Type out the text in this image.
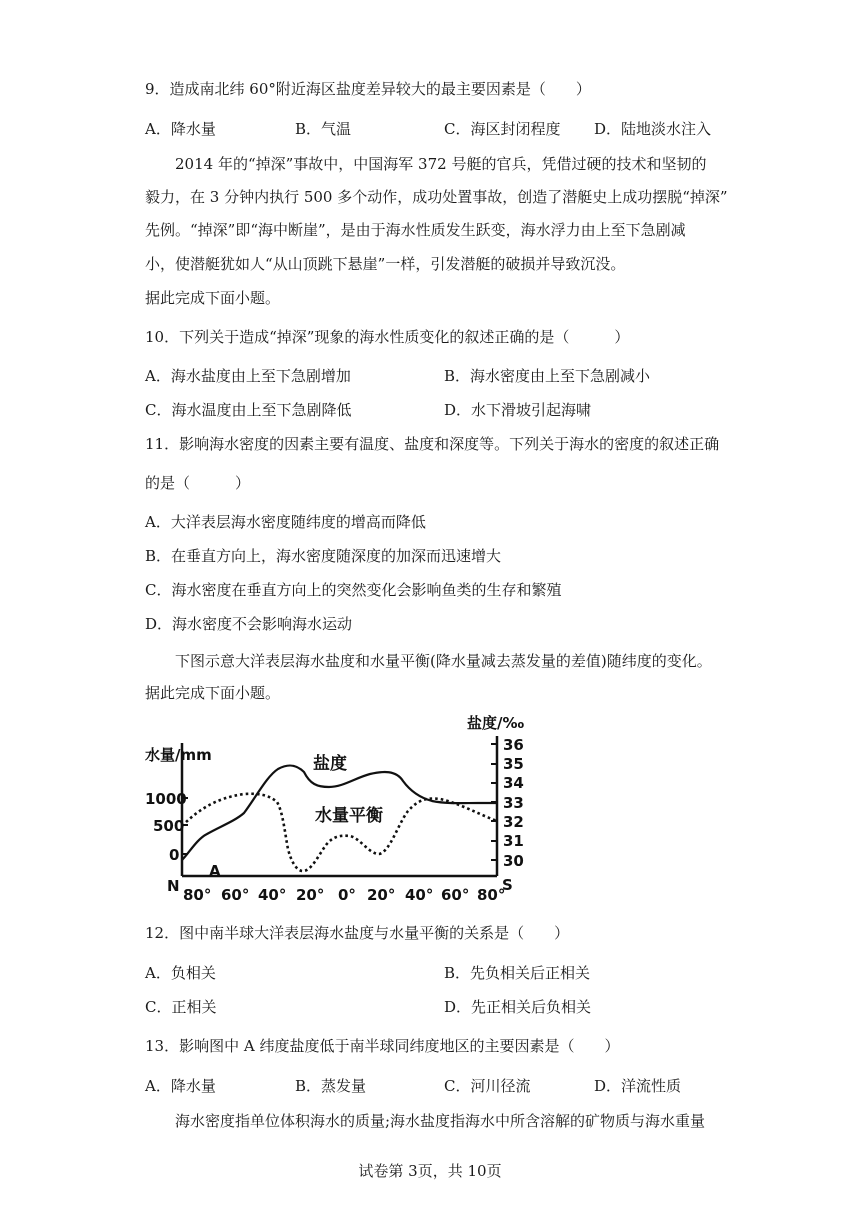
9．造成南北纬 60°附近海区盐度差异较大的最主要因素是（　　）
A．降水量	B．气温	C．海区封闭程度 D．陆地淡水注入
2014 年的“掉深”事故中，中国海军 372 号艇的官兵，凭借过硬的技术和坚韧的
毅力，在 3 分钟内执行 500 多个动作，成功处置事故，创造了潜艇史上成功摆脱“掉深”
先例。“掉深”即“海中断崖”，是由于海水性质发生跃变，海水浮力由上至下急剧减
小，使潜艇犹如人“从山顶跳下悬崖”一样，引发潜艇的破损并导致沉没。
据此完成下面小题。
10．下列关于造成“掉深”现象的海水性质变化的叙述正确的是（　　　）
A．海水盐度由上至下急剧增加	B．海水密度由上至下急剧减小
C．海水温度由上至下急剧降低	D．水下滑坡引起海啸
11．影响海水密度的因素主要有温度、盐度和深度等。下列关于海水的密度的叙述正确
的是（　　　）
A．大洋表层海水密度随纬度的增高而降低
B．在垂直方向上，海水密度随深度的加深而迅速增大
C．海水密度在垂直方向上的突然变化会影响鱼类的生存和繁殖
D．海水密度不会影响海水运动
下图示意大洋表层海水盐度和水量平衡(降水量减去蒸发量的差值)随纬度的变化。
据此完成下面小题。
水量/mm
盐度/‰
1000
500
0
36
35
34
33
32
31
30
80° 60° 40° 20° 0° 20° 40° 60° 80°
N	S
A
盐度
水量平衡
12．图中南半球大洋表层海水盐度与水量平衡的关系是（　　）
A．负相关	B．先负相关后正相关
C．正相关	D．先正相关后负相关
13．影响图中 A 纬度盐度低于南半球同纬度地区的主要因素是（　　）
A．降水量	B．蒸发量	C．河川径流	D．洋流性质
海水密度指单位体积海水的质量;海水盐度指海水中所含溶解的矿物质与海水重量
试卷第 3页，共 10页
